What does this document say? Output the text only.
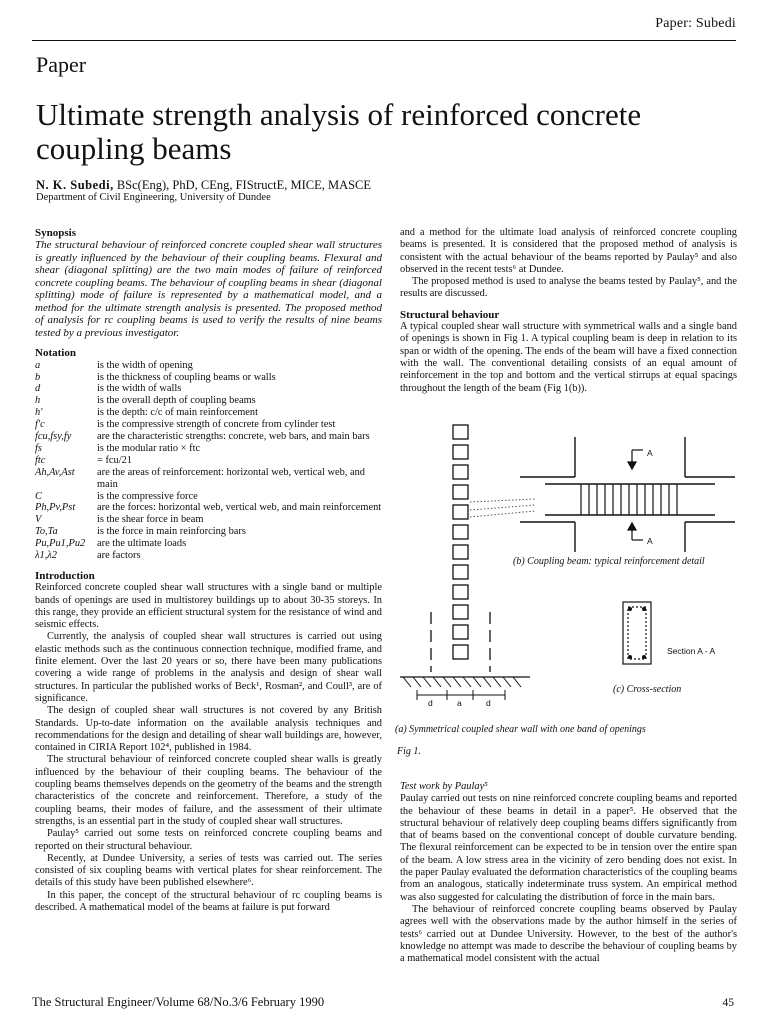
Paper: Subedi
Paper
Ultimate strength analysis of reinforced concrete coupling beams
N. K. Subedi, BSc(Eng), PhD, CEng, FIStructE, MICE, MASCE
Department of Civil Engineering, University of Dundee
Synopsis

The structural behaviour of reinforced concrete coupled shear wall structures is greatly influenced by the behaviour of their coupling beams. Flexural and shear (diagonal splitting) are the two main modes of failure of reinforced concrete coupling beams. The behaviour of coupling beams in shear (diagonal splitting) mode of failure is represented by a mathematical model, and a method for the ultimate strength analysis is presented. The proposed method of analysis for rc coupling beams is used to verify the results of nine beams tested by a previous investigator.

Notation
a	is the width of opening
b	is the thickness of coupling beams or walls
d	is the width of walls
h	is the overall depth of coupling beams
h′	is the depth: c/c of main reinforcement
f′c	is the compressive strength of concrete from cylinder test
fcu,fsy,fy	are the characteristic strengths: concrete, web bars, and main bars
fs	is the modular ratio × ftc
ftc	= fcu/21
Ah,Av,Ast	are the areas of reinforcement: horizontal web, vertical web, and main
C	is the compressive force
Ph,Pv,Pst	are the forces: horizontal web, vertical web, and main reinforcement
V	is the shear force in beam
To,Ta	is the force in main reinforcing bars
Pu,Pu1,Pu2	are the ultimate loads
λ1,λ2	are factors
Introduction

Reinforced concrete coupled shear wall structures with a single band or multiple bands of openings are used in multistorey buildings up to about 30-35 storeys. In this range, they provide an efficient structural system for the resistance of wind and seismic effects.

Currently, the analysis of coupled shear wall structures is carried out using elastic methods such as the continuous connection technique, modified frame, and finite element. Over the last 20 years or so, there have been many publications covering a wide range of problems in the analysis and design of shear wall structures. In particular the published works of Beck¹, Rosman², and Coull³, are of significance.

The design of coupled shear wall structures is not covered by any British Standards. Up-to-date information on the available analysis techniques and recommendations for the design and detailing of shear wall buildings are, however, contained in CIRIA Report 102⁴, published in 1984.

The structural behaviour of reinforced concrete coupled shear walls is greatly influenced by the behaviour of their coupling beams. The behaviour of the coupling beams themselves depends on the geometry of the beams and the strength characteristics of the concrete and reinforcement. Therefore, a study of the coupling beams, their modes of failure, and the assessment of their ultimate strengths, is an essential part in the study of coupled shear wall structures.

Paulay⁵ carried out some tests on reinforced concrete coupling beams and reported on their structural behaviour.

Recently, at Dundee University, a series of tests was carried out. The series consisted of six coupling beams with vertical plates for shear reinforcement. The details of this study have been published elsewhere⁶.

In this paper, the concept of the structural behaviour of rc coupling beams is described. A mathematical model of the beams at failure is put forward

and a method for the ultimate load analysis of reinforced concrete coupling beams is presented. It is considered that the proposed method of analysis is consistent with the actual behaviour of the beams reported by Paulay⁵ and also observed in the recent tests⁶ at Dundee.

The proposed method is used to analyse the beams tested by Paulay⁵, and the results are discussed.

Structural behaviour

A typical coupled shear wall structure with symmetrical walls and a single band of openings is shown in Fig 1. A typical coupling beam is deep in relation to its span or width of the opening. The ends of the beam will have a fixed connection with the wall. The conventional detailing consists of an equal amount of reinforcement in the top and bottom and the vertical stirrups at equal spacings throughout the length of the beam (Fig 1(b)).

A
A
(b) Coupling beam: typical reinforcement detail
Section A - A
(c) Cross-section
d	a	d
(a) Symmetrical coupled shear wall with one band of openings
Fig 1.
Test work by Paulay⁵

Paulay carried out tests on nine reinforced concrete coupling beams and reported the behaviour of these beams in detail in a paper⁵. He observed that the structural behaviour of relatively deep coupling beams differs significantly from that of beams based on the conventional concept of double curvature bending. The flexural reinforcement can be expected to be in tension over the entire span of the beam. A low stress area in the vicinity of zero bending does not exist. In the paper Paulay evaluated the deformation characteristics of the coupling beams from an analogous, statically indeterminate truss system. An empirical method was also suggested for calculating the distribution of force in the main bars.

The behaviour of reinforced concrete coupling beams observed by Paulay agrees well with the observations made by the author himself in the series of tests⁶ carried out at Dundee University. However, to the best of the author's knowledge no attempt was made to describe the behaviour of coupling beams by a mathematical model consistent with the actual

The Structural Engineer/Volume 68/No.3/6 February 1990	45
